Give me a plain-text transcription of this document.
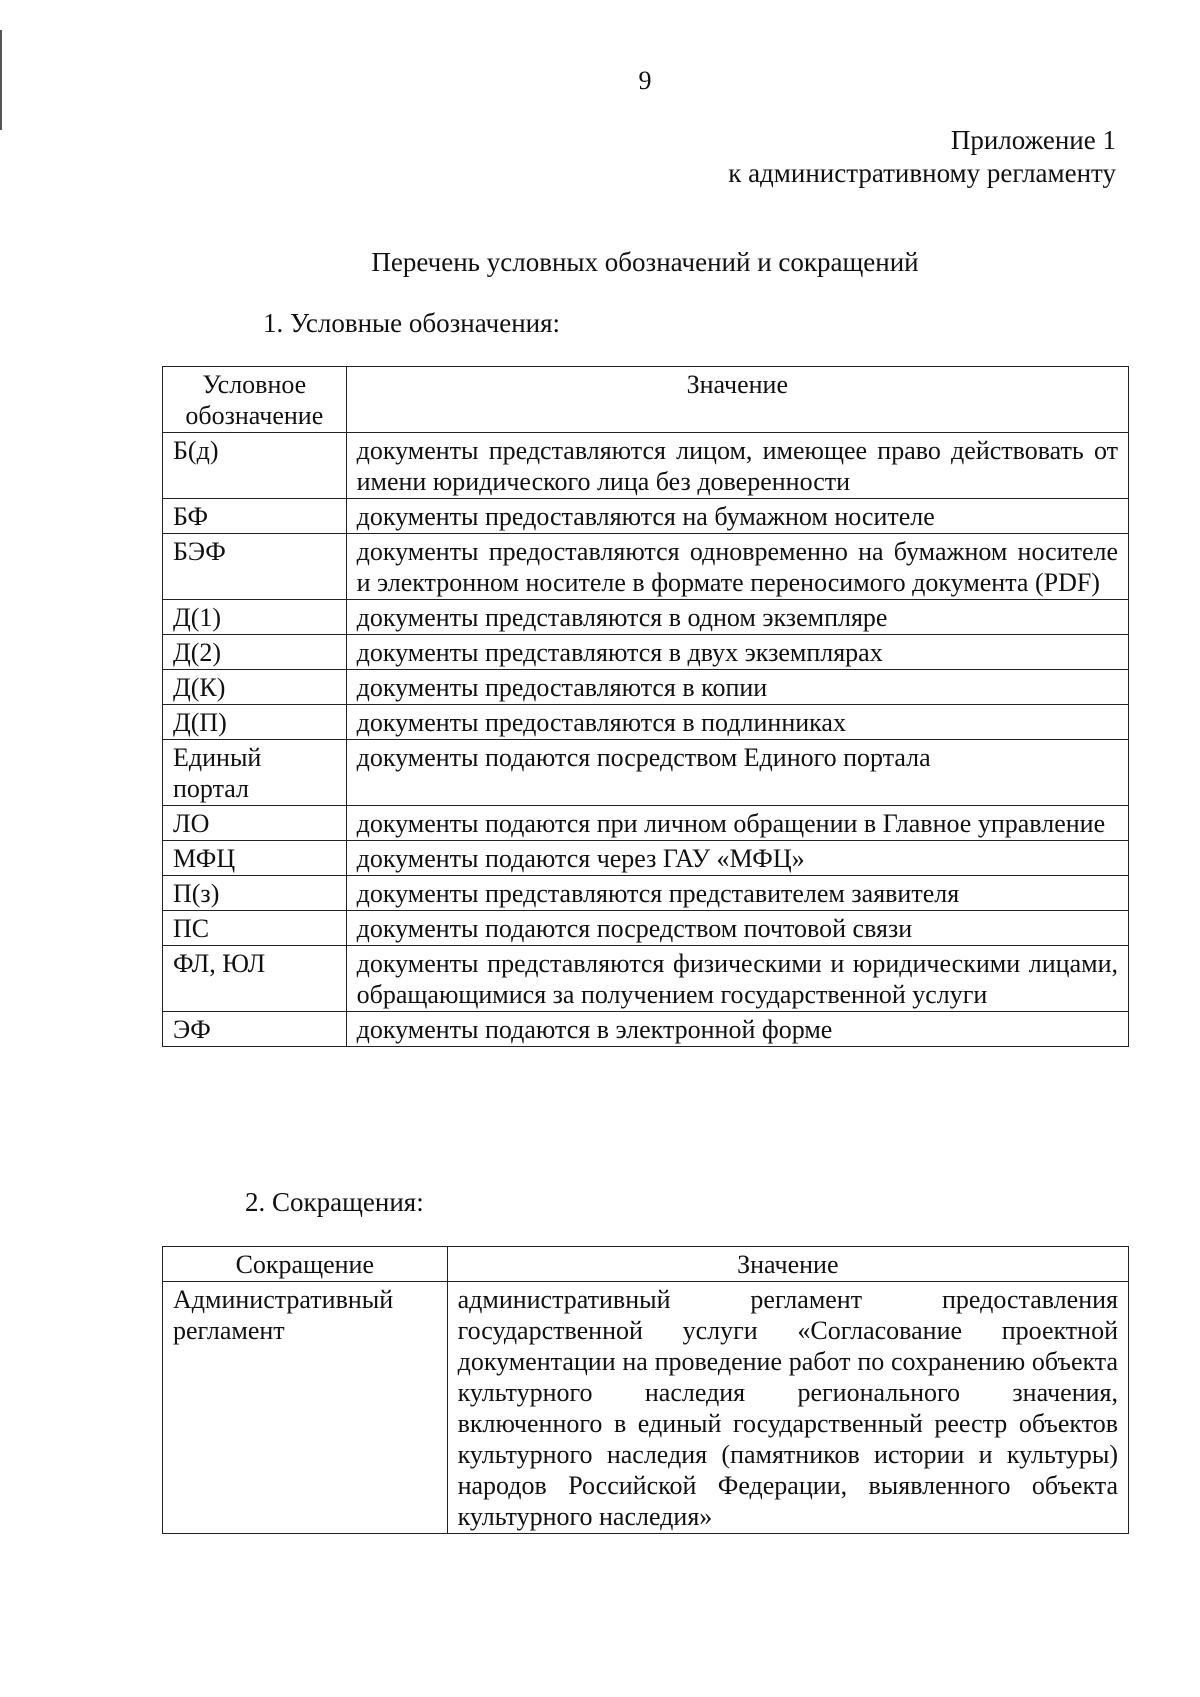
9
Приложение 1
к административному регламенту
Перечень условных обозначений и сокращений
1. Условные обозначения:
Условное обозначение	Значение
Б(д)	документы представляются лицом, имеющее право действовать от имени юридического лица без доверенности
БФ	документы предоставляются на бумажном носителе
БЭФ	документы предоставляются одновременно на бумажном носителе и электронном носителе в формате переносимого документа (PDF)
Д(1)	документы представляются в одном экземпляре
Д(2)	документы представляются в двух экземплярах
Д(К)	документы предоставляются в копии
Д(П)	документы предоставляются в подлинниках
Единый портал	документы подаются посредством Единого портала
ЛО	документы подаются при личном обращении в Главное управление
МФЦ	документы подаются через ГАУ «МФЦ»
П(з)	документы представляются представителем заявителя
ПС	документы подаются посредством почтовой связи
ФЛ, ЮЛ	документы представляются физическими и юридическими лицами, обращающимися за получением государственной услуги
ЭФ	документы подаются в электронной форме
2. Сокращения:
Сокращение	Значение
Административный регламент	административный регламент предоставления государственной услуги «Согласование проектной документации на проведение работ по сохранению объекта культурного наследия регионального значения, включенного в единый государственный реестр объектов культурного наследия (памятников истории и культуры) народов Российской Федерации, выявленного объекта культурного наследия»
